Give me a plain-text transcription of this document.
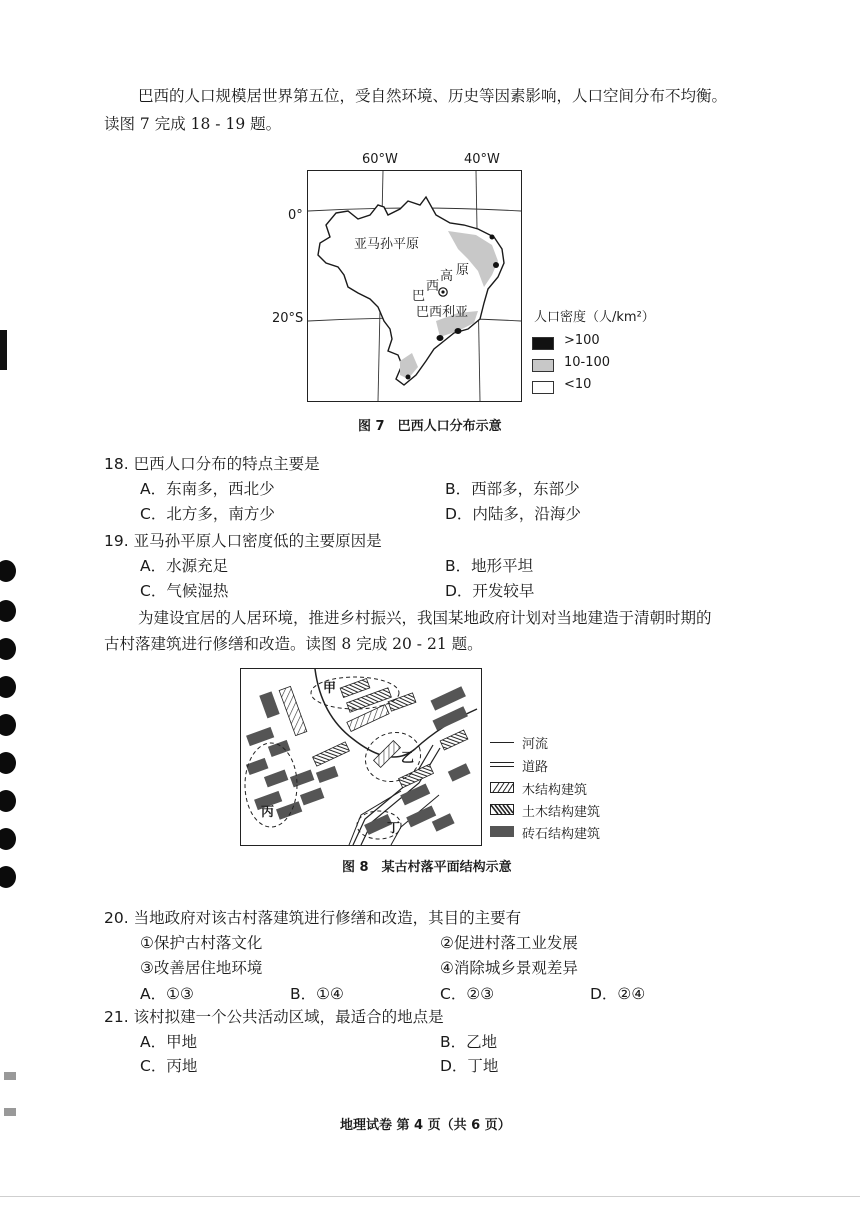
巴西的人口规模居世界第五位，受自然环境、历史等因素影响，人口空间分布不均衡。
读图 7 完成 18 - 19 题。
60°W	40°W
0°
20°S
亚马孙平原
巴
西
高 原
巴西利亚	人口密度（人/km²）
>100
10-100
<10
图 7　巴西人口分布示意
18. 巴西人口分布的特点主要是
A．东南多，西北少	B．西部多，东部少
C．北方多，南方少	D．内陆多，沿海少
19. 亚马孙平原人口密度低的主要原因是
A．水源充足	B．地形平坦
C．气候湿热	D．开发较早
为建设宜居的人居环境，推进乡村振兴，我国某地政府计划对当地建造于清朝时期的
古村落建筑进行修缮和改造。读图 8 完成 20 - 21 题。
甲
乙
丙
丁
河流
道路
木结构建筑
土木结构建筑
砖石结构建筑
图 8　某古村落平面结构示意
20. 当地政府对该古村落建筑进行修缮和改造，其目的主要有
①保护古村落文化	②促进村落工业发展
③改善居住地环境	④消除城乡景观差异
A．①③	B．①④	C．②③	D．②④
21. 该村拟建一个公共活动区域，最适合的地点是
A．甲地	B．乙地
C．丙地	D．丁地
地理试卷 第 4 页（共 6 页）
